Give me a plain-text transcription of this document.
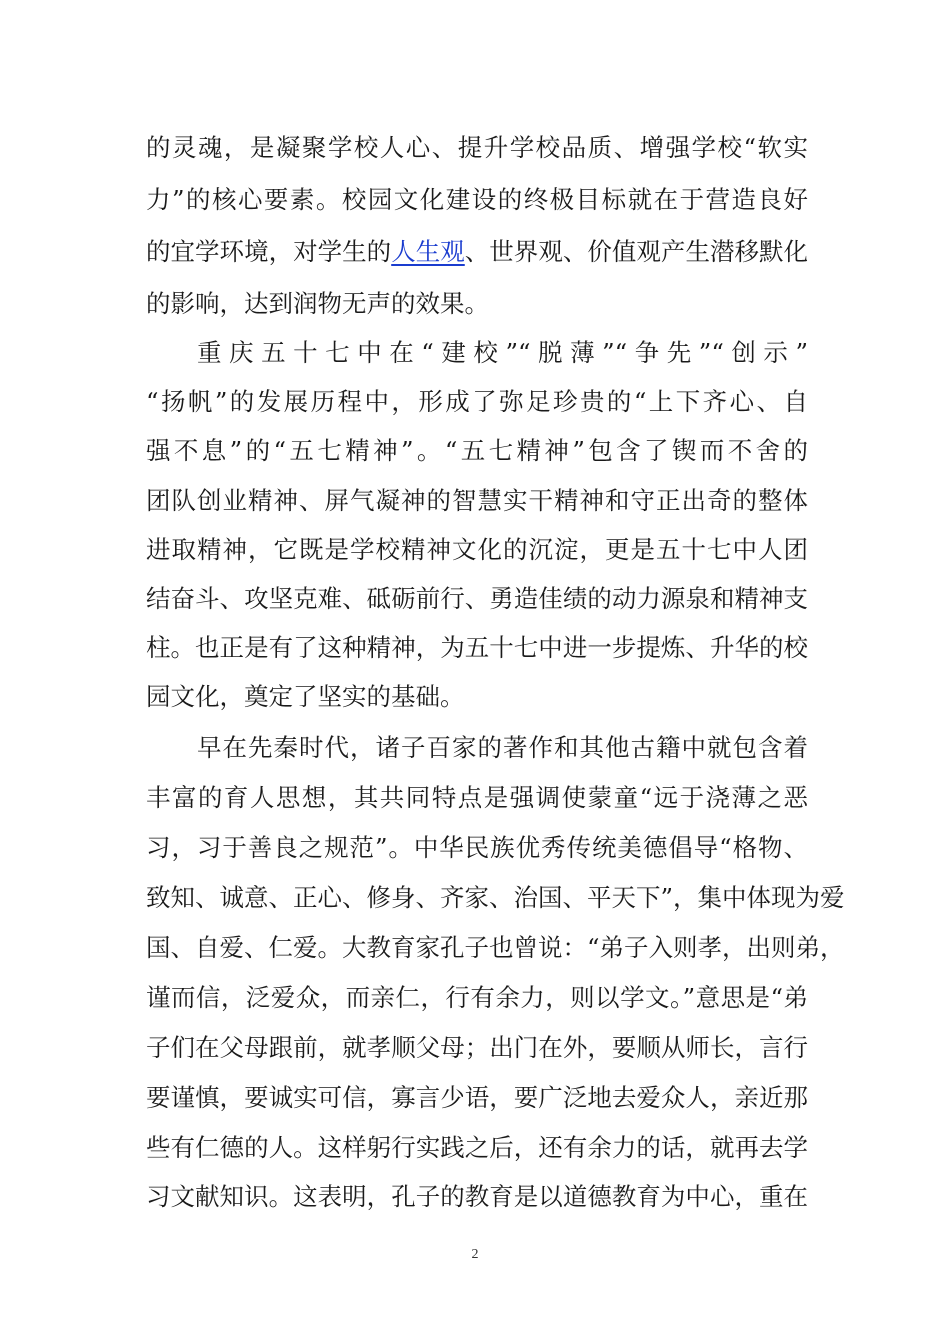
的灵魂，是凝聚学校人心、提升学校品质、增强学校“软实
力”的核心要素。校园文化建设的终极目标就在于营造良好
的宜学环境，对学生的人生观、世界观、价值观产生潜移默化
的影响，达到润物无声的效果。
重庆五十七中在“建校”“脱薄”“争先”“创示”
“扬帆”的发展历程中，形成了弥足珍贵的“上下齐心、自
强不息”的“五七精神”。“五七精神”包含了锲而不舍的
团队创业精神、屏气凝神的智慧实干精神和守正出奇的整体
进取精神，它既是学校精神文化的沉淀，更是五十七中人团
结奋斗、攻坚克难、砥砺前行、勇造佳绩的动力源泉和精神支
柱。也正是有了这种精神，为五十七中进一步提炼、升华的校
园文化，奠定了坚实的基础。
早在先秦时代，诸子百家的著作和其他古籍中就包含着
丰富的育人思想，其共同特点是强调使蒙童“远于浇薄之恶
习，习于善良之规范”。中华民族优秀传统美德倡导“格物、
致知、诚意、正心、修身、齐家、治国、平天下”，集中体现为爱
国、自爱、仁爱。大教育家孔子也曾说：“弟子入则孝，出则弟，
谨而信，泛爱众，而亲仁，行有余力，则以学文。”意思是“弟
子们在父母跟前，就孝顺父母；出门在外，要顺从师长，言行
要谨慎，要诚实可信，寡言少语，要广泛地去爱众人，亲近那
些有仁德的人。这样躬行实践之后，还有余力的话，就再去学
习文献知识。这表明，孔子的教育是以道德教育为中心，重在
2
